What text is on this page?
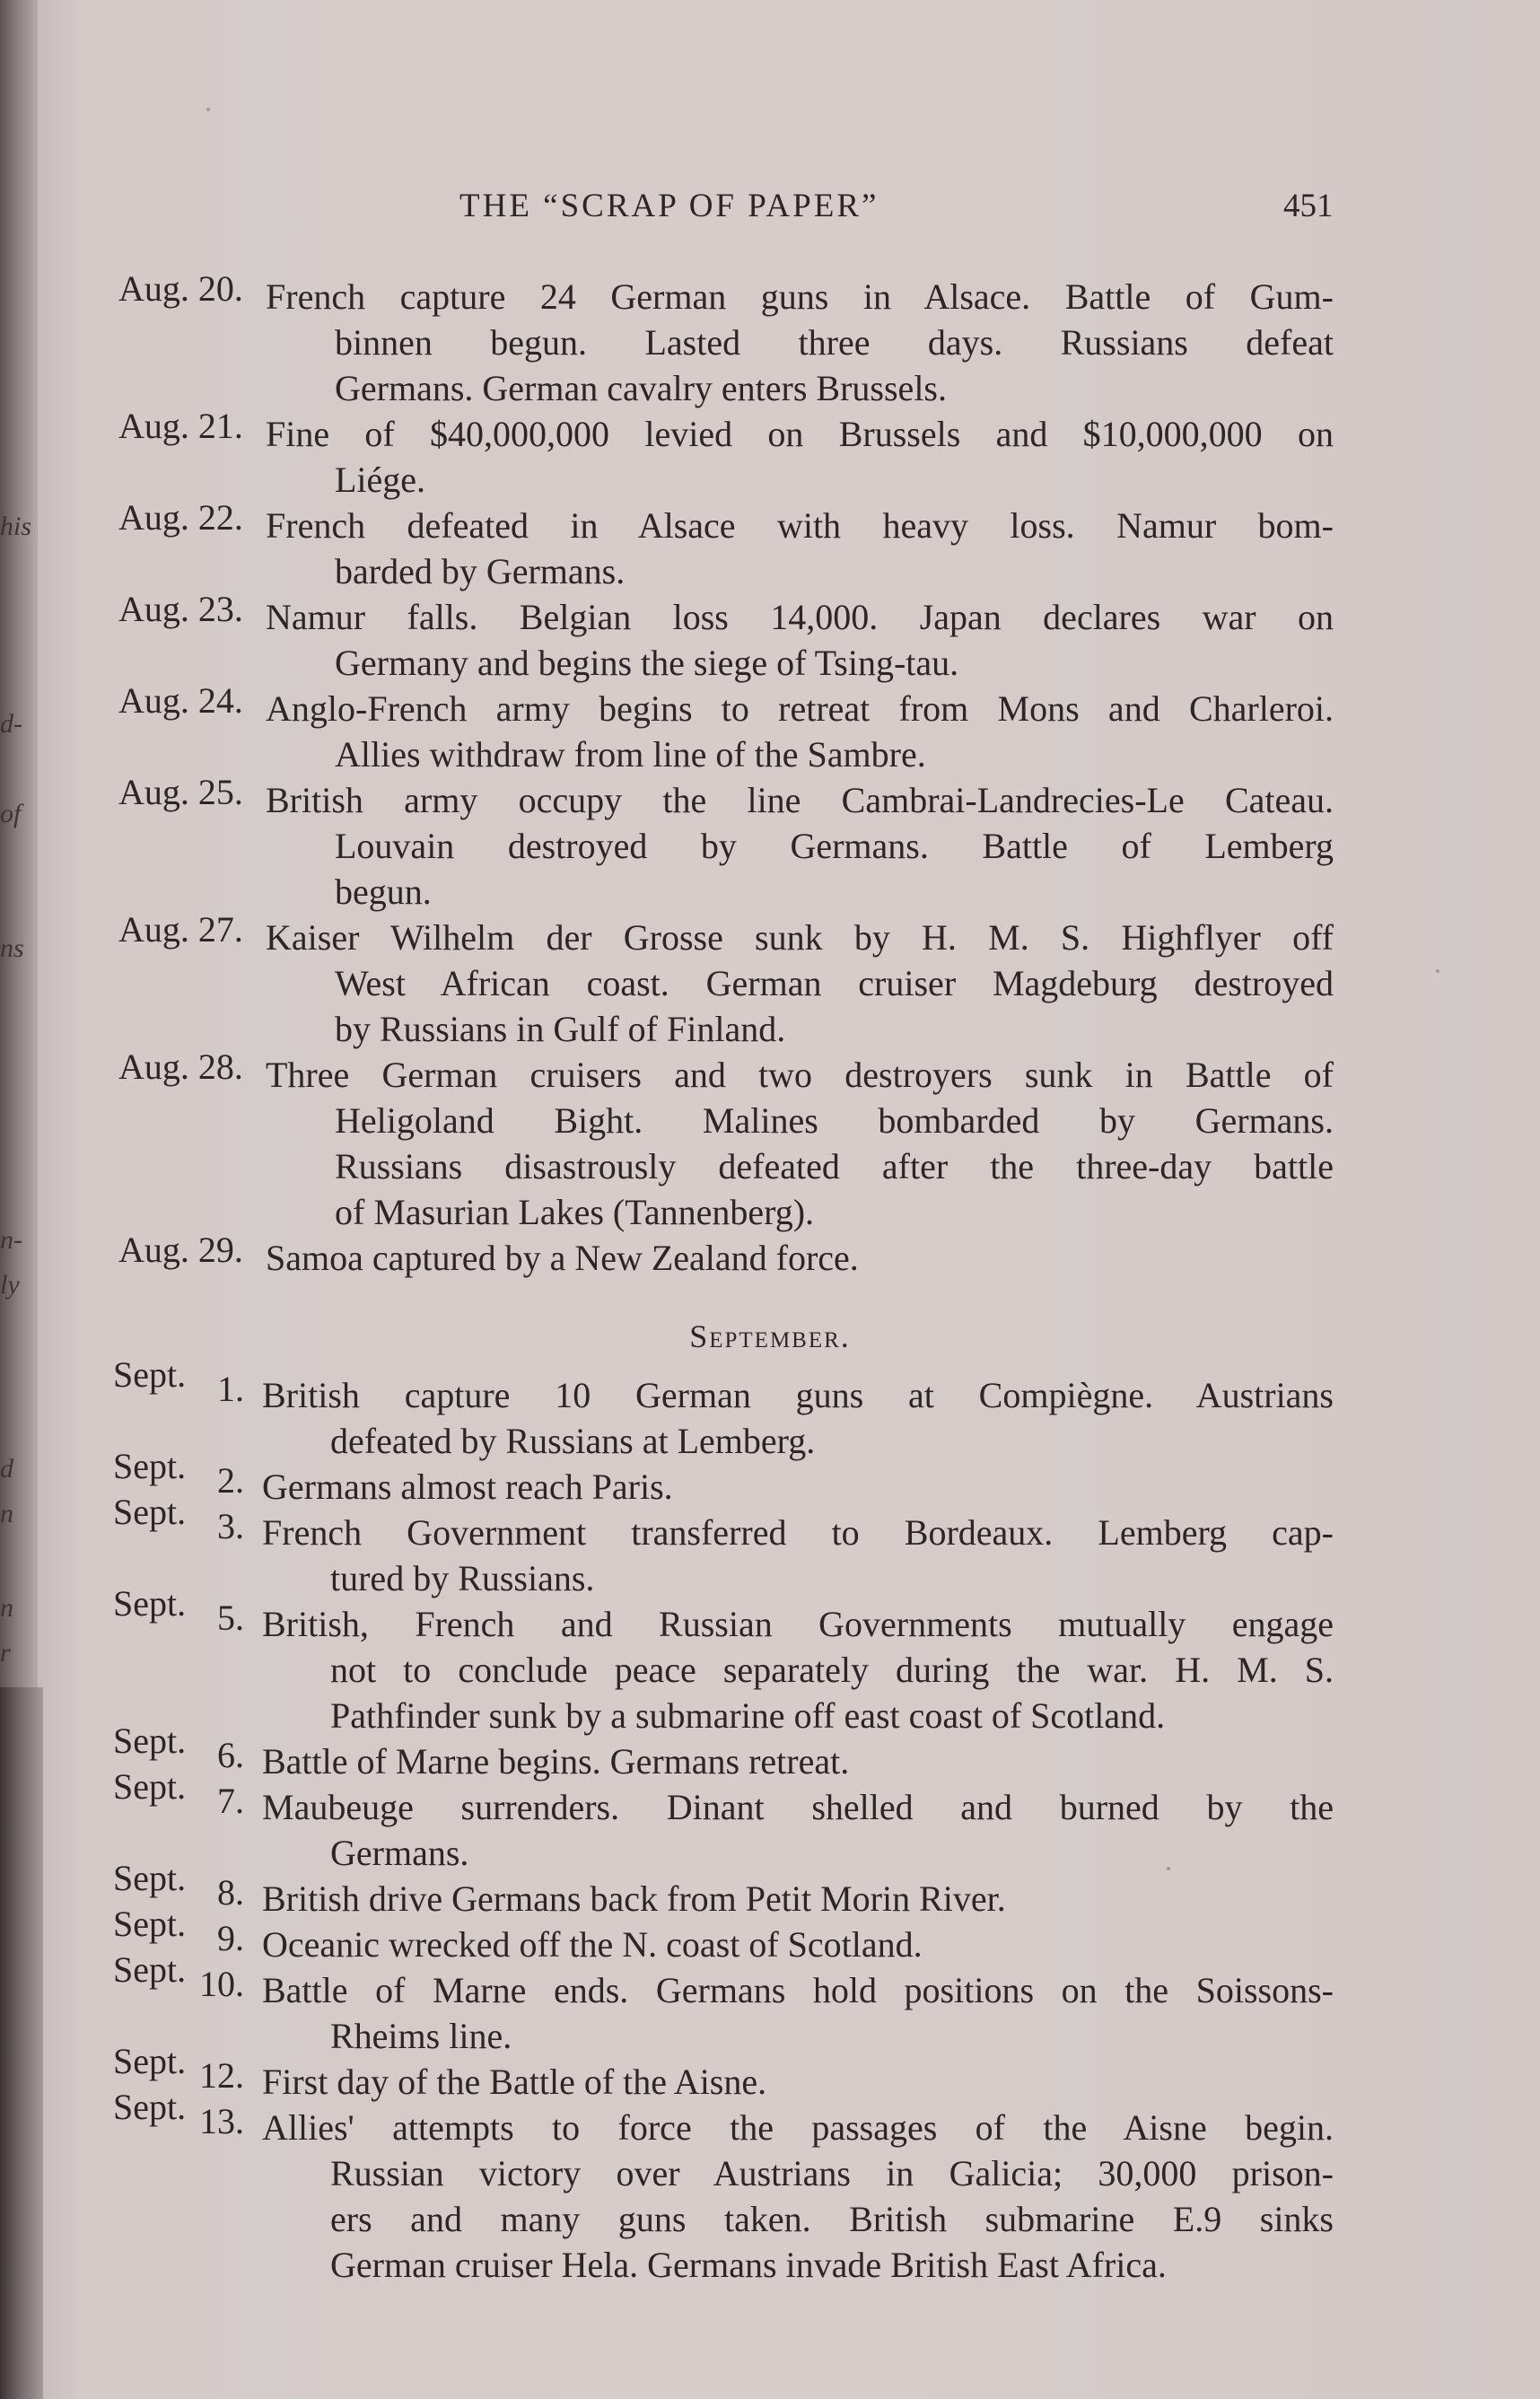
his
d-
of
ns
n-
ly
d
n
n
r
THE “SCRAP OF PAPER”	451
Aug. 20. French capture 24 German guns in Alsace. Battle of Gum-
binnen begun. Lasted three days. Russians defeat
Germans. German cavalry enters Brussels.
Aug. 21. Fine of $40,000,000 levied on Brussels and $10,000,000 on
Liége.
Aug. 22. French defeated in Alsace with heavy loss. Namur bom-
barded by Germans.
Aug. 23. Namur falls. Belgian loss 14,000. Japan declares war on
Germany and begins the siege of Tsing-tau.
Aug. 24. Anglo-French army begins to retreat from Mons and Charleroi.
Allies withdraw from line of the Sambre.
Aug. 25. British army occupy the line Cambrai-Landrecies-Le Cateau.
Louvain destroyed by Germans. Battle of Lemberg
begun.
Aug. 27. Kaiser Wilhelm der Grosse sunk by H. M. S. Highflyer off
West African coast. German cruiser Magdeburg destroyed
by Russians in Gulf of Finland.
Aug. 28. Three German cruisers and two destroyers sunk in Battle of
Heligoland Bight. Malines bombarded by Germans.
Russians disastrously defeated after the three-day battle
of Masurian Lakes (Tannenberg).
Aug. 29. Samoa captured by a New Zealand force.
September.
Sept. 1. British capture 10 German guns at Compiègne. Austrians
defeated by Russians at Lemberg.
Sept. 2. Germans almost reach Paris.
Sept. 3. French Government transferred to Bordeaux. Lemberg cap-
tured by Russians.
Sept. 5. British, French and Russian Governments mutually engage
not to conclude peace separately during the war. H. M. S.
Pathfinder sunk by a submarine off east coast of Scotland.
Sept. 6. Battle of Marne begins. Germans retreat.
Sept. 7. Maubeuge surrenders. Dinant shelled and burned by the
Germans.
Sept. 8. British drive Germans back from Petit Morin River.
Sept. 9. Oceanic wrecked off the N. coast of Scotland.
Sept. 10. Battle of Marne ends. Germans hold positions on the Soissons-
Rheims line.
Sept. 12. First day of the Battle of the Aisne.
Sept. 13. Allies' attempts to force the passages of the Aisne begin.
Russian victory over Austrians in Galicia; 30,000 prison-
ers and many guns taken. British submarine E.9 sinks
German cruiser Hela. Germans invade British East Africa.
